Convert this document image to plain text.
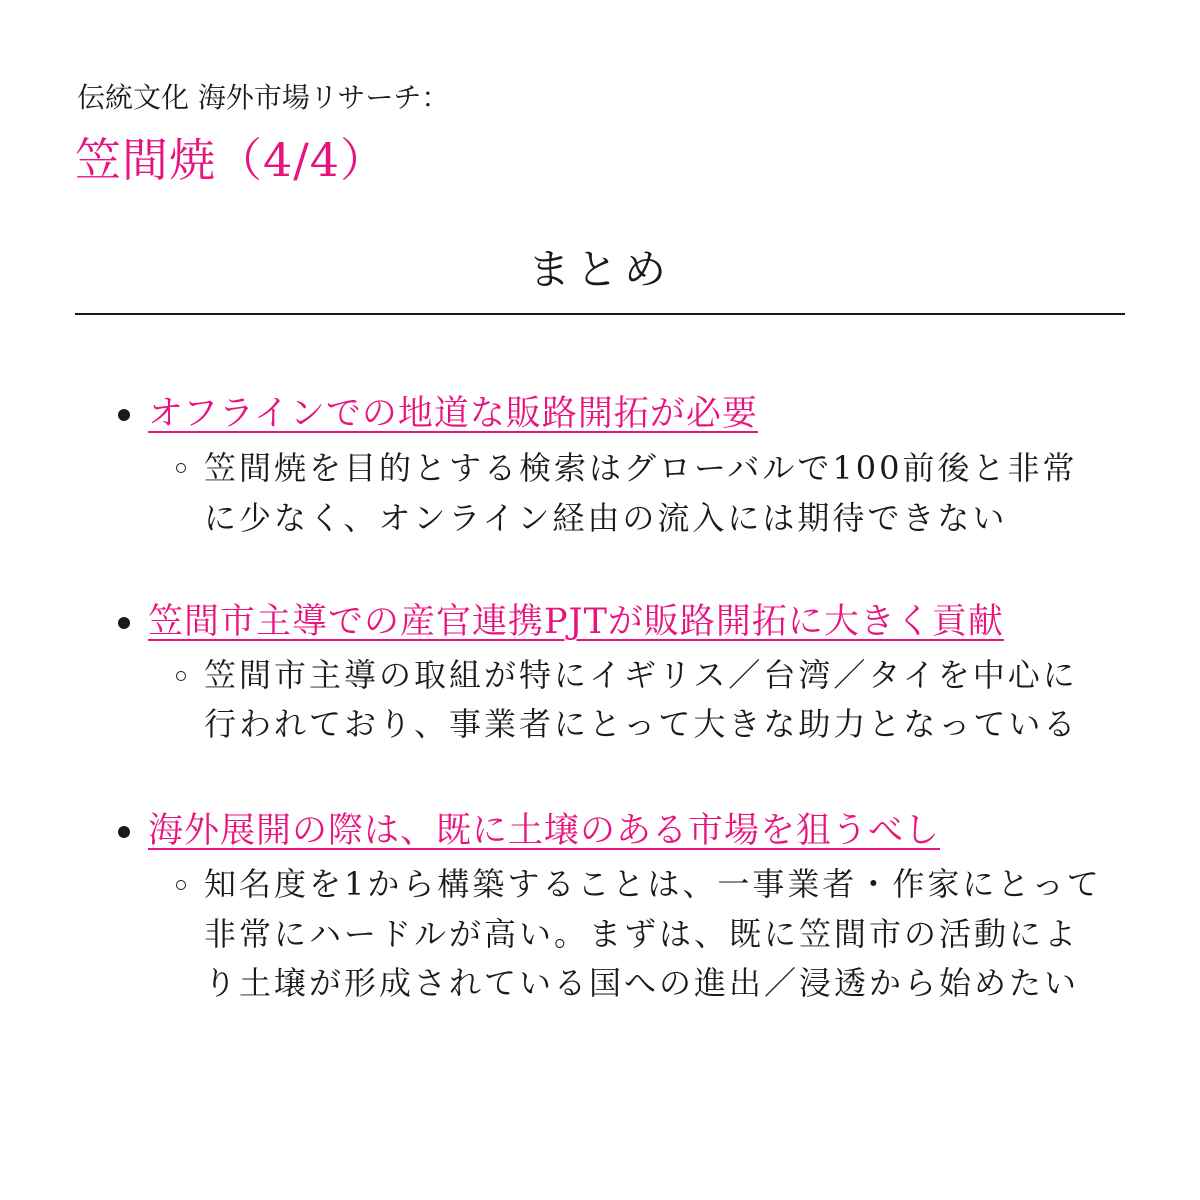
伝統文化 海外市場リサーチ：
笠間焼（4/4）
まとめ
オフラインでの地道な販路開拓が必要
笠間焼を目的とする検索はグローバルで100前後と非常
に少なく、オンライン経由の流入には期待できない
笠間市主導での産官連携PJTが販路開拓に大きく貢献
笠間市主導の取組が特にイギリス／台湾／タイを中心に
行われており、事業者にとって大きな助力となっている
海外展開の際は、既に土壌のある市場を狙うべし
知名度を1から構築することは、一事業者・作家にとって
非常にハードルが高い。まずは、既に笠間市の活動によ
り土壌が形成されている国への進出／浸透から始めたい
